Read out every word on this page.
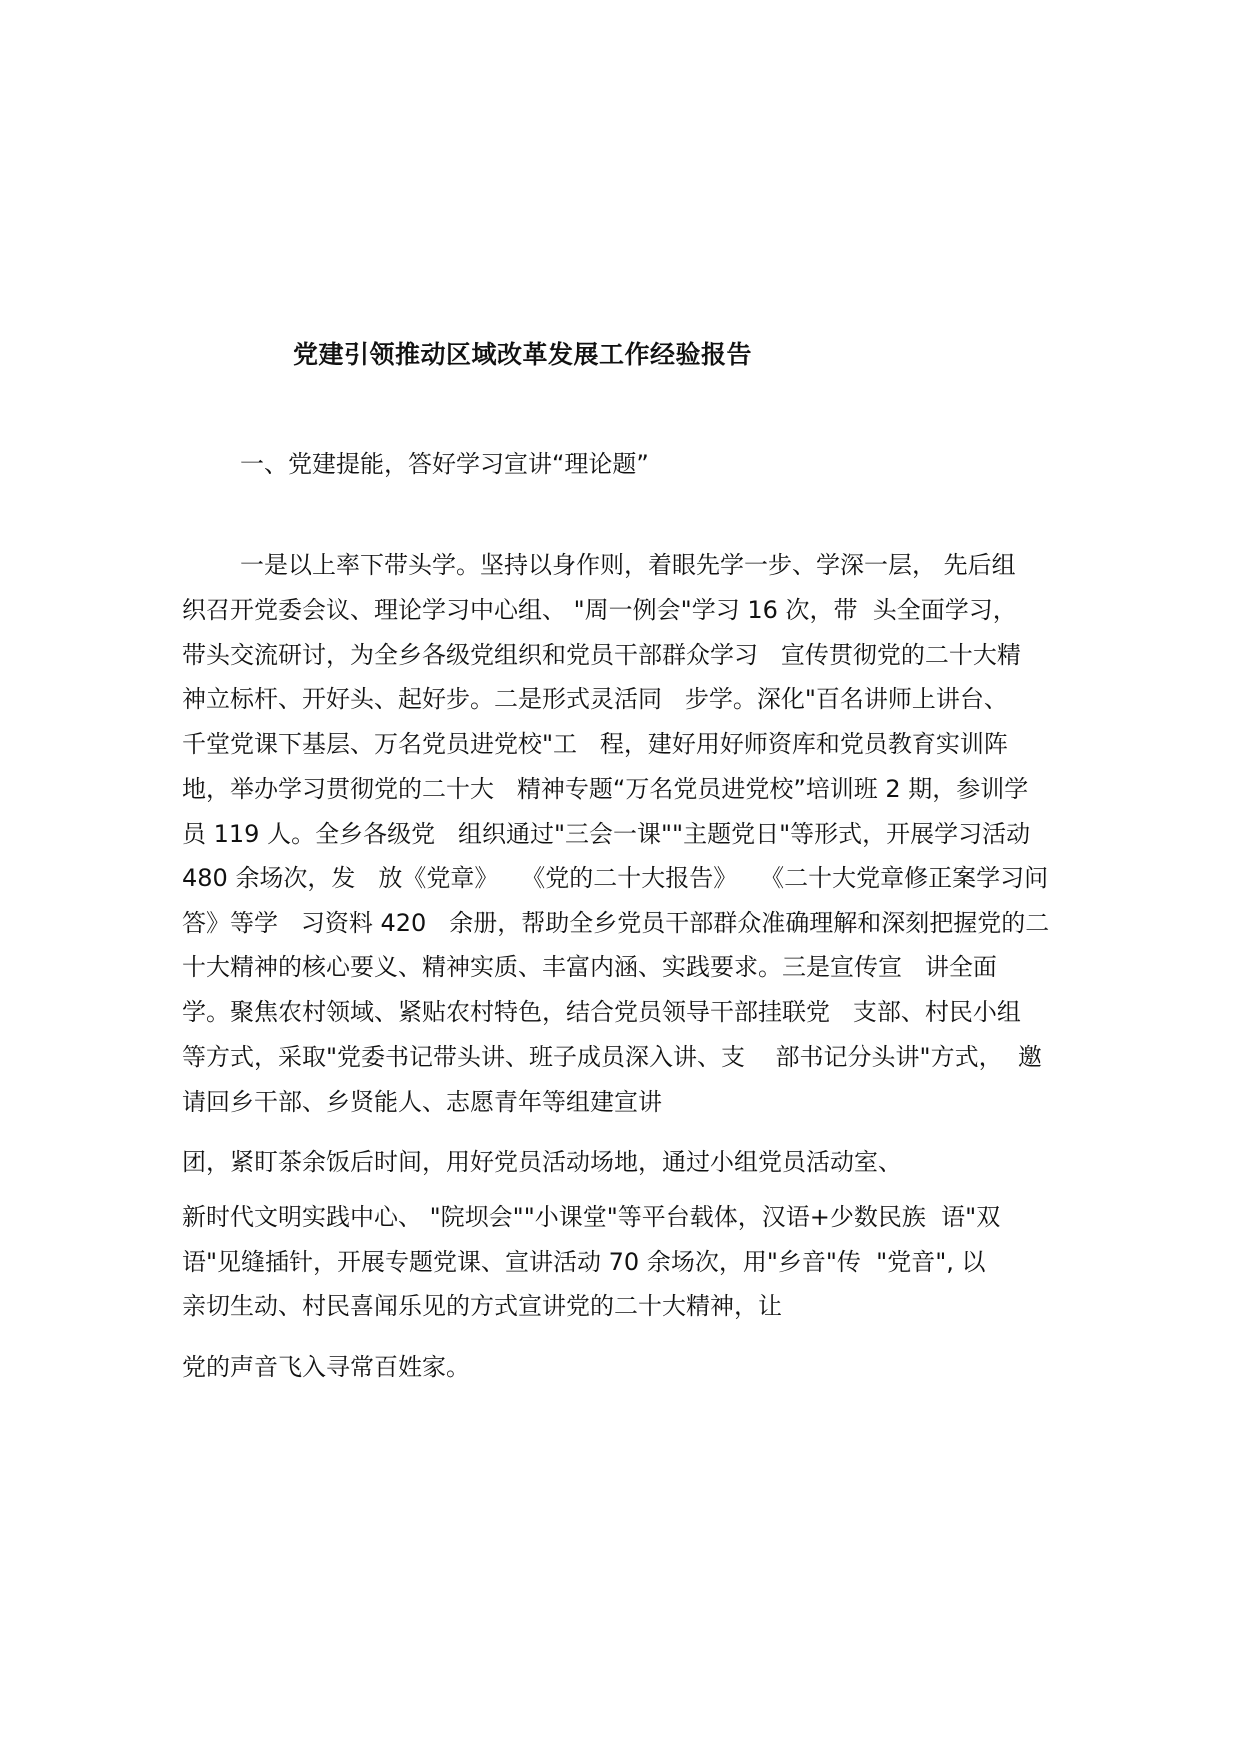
党建引领推动区域改革发展工作经验报告
一、党建提能，答好学习宣讲“理论题”
一是以上率下带头学。坚持以身作则，着眼先学一步、学深一层， 先后组
织召开党委会议、理论学习中心组、 "周一例会"学习 16 次，带  头全面学习，
带头交流研讨，为全乡各级党组织和党员干部群众学习   宣传贯彻党的二十大精
神立标杆、开好头、起好步。二是形式灵活同   步学。深化"百名讲师上讲台、
千堂党课下基层、万名党员进党校"工   程，建好用好师资库和党员教育实训阵
地，举办学习贯彻党的二十大   精神专题“万名党员进党校”培训班 2 期，参训学
员 119 人。全乡各级党   组织通过"三会一课""主题党日"等形式，开展学习活动
480 余场次，发   放《党章》   《党的二十大报告》   《二十大党章修正案学习问
答》等学   习资料 420   余册，帮助全乡党员干部群众准确理解和深刻把握党的二
十大精神的核心要义、精神实质、丰富内涵、实践要求。三是宣传宣   讲全面
学。聚焦农村领域、紧贴农村特色，结合党员领导干部挂联党   支部、村民小组
等方式，采取"党委书记带头讲、班子成员深入讲、支    部书记分头讲"方式，  邀
请回乡干部、乡贤能人、志愿青年等组建宣讲
团，紧盯茶余饭后时间，用好党员活动场地，通过小组党员活动室、
新时代文明实践中心、 "院坝会""小课堂"等平台载体，汉语+少数民族  语"双
语"见缝插针，开展专题党课、宣讲活动 70 余场次，用"乡音"传  "党音", 以
亲切生动、村民喜闻乐见的方式宣讲党的二十大精神，让
党的声音飞入寻常百姓家。
